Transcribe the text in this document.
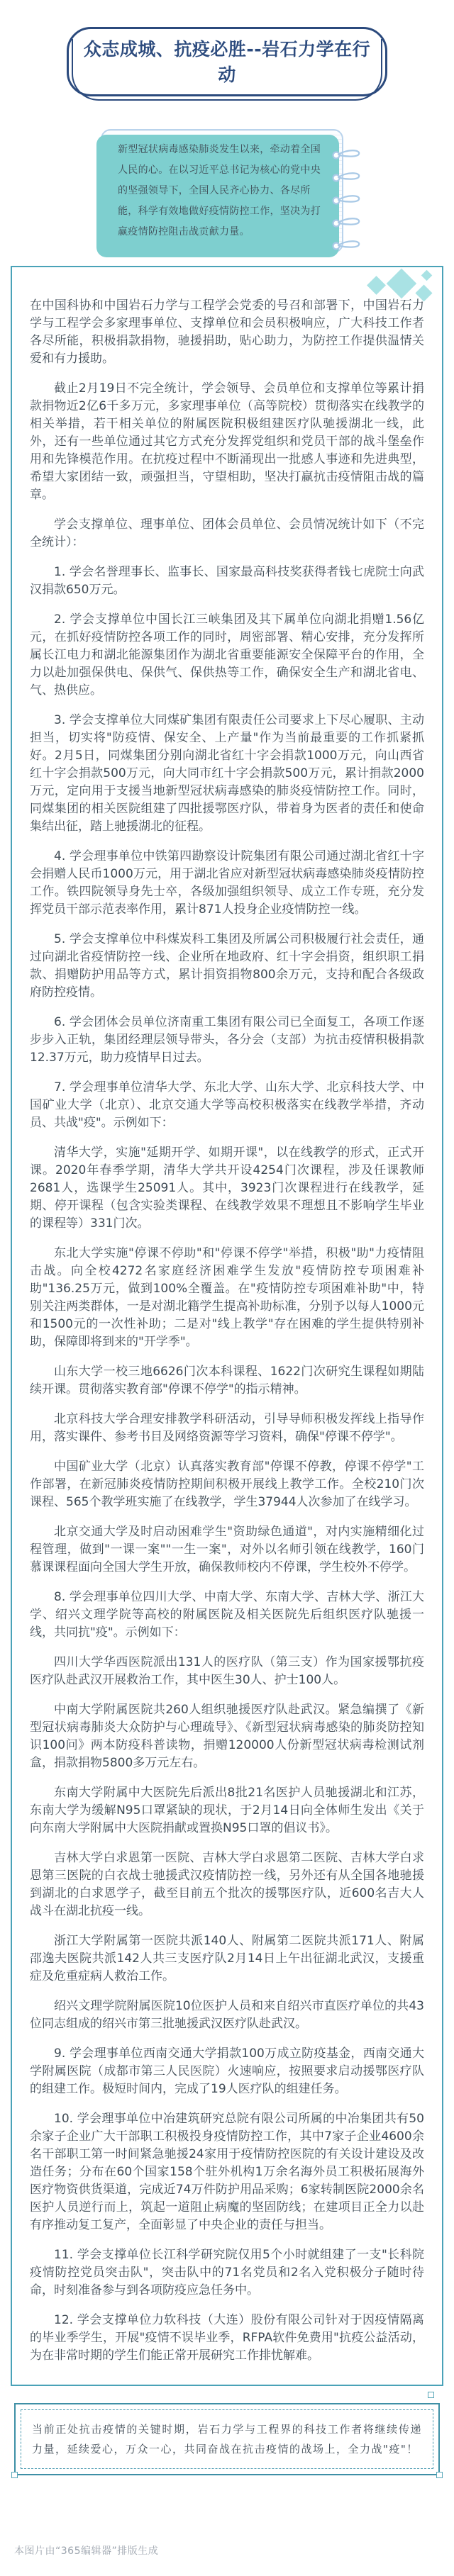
众志成城、抗疫必胜--岩石力学在行动
新型冠状病毒感染肺炎发生以来，牵动着全国人民的心。在以习近平总书记为核心的党中央的坚强领导下，全国人民齐心协力、各尽所能，科学有效地做好疫情防控工作，坚决为打赢疫情防控阻击战贡献力量。

在中国科协和中国岩石力学与工程学会党委的号召和部署下，中国岩石力学与工程学会多家理事单位、支撑单位和会员积极响应，广大科技工作者各尽所能，积极捐款捐物，驰援捐助，贴心助力，为防控工作提供温情关爱和有力援助。

截止2月19日不完全统计，学会领导、会员单位和支撑单位等累计捐款捐物近2亿6千多万元，多家理事单位（高等院校）贯彻落实在线教学的相关举措，若干相关单位的附属医院积极组建医疗队驰援湖北一线，此外，还有一些单位通过其它方式充分发挥党组织和党员干部的战斗堡垒作用和先锋模范作用。在抗疫过程中不断涌现出一批感人事迹和先进典型，希望大家团结一致，顽强担当，守望相助，坚决打赢抗击疫情阻击战的篇章。

学会支撑单位、理事单位、团体会员单位、会员情况统计如下（不完全统计）：

1. 学会名誉理事长、监事长、国家最高科技奖获得者钱七虎院士向武汉捐款650万元。

2. 学会支撑单位中国长江三峡集团及其下属单位向湖北捐赠1.56亿元，在抓好疫情防控各项工作的同时，周密部署、精心安排，充分发挥所属长江电力和湖北能源集团作为湖北省重要能源安全保障平台的作用，全力以赴加强保供电、保供气、保供热等工作，确保安全生产和湖北省电、气、热供应。

3. 学会支撑单位大同煤矿集团有限责任公司要求上下尽心履职、主动担当，切实将"防疫情、保安全、上产量"作为当前最重要的工作抓紧抓好。2月5日，同煤集团分别向湖北省红十字会捐款1000万元，向山西省红十字会捐款500万元，向大同市红十字会捐款500万元，累计捐款2000万元，定向用于支援当地新型冠状病毒感染的肺炎疫情防控工作。同时，同煤集团的相关医院组建了四批援鄂医疗队，带着身为医者的责任和使命集结出征，踏上驰援湖北的征程。

4. 学会理事单位中铁第四勘察设计院集团有限公司通过湖北省红十字会捐赠人民币1000万元，用于湖北省应对新型冠状病毒感染肺炎疫情防控工作。铁四院领导身先士卒，各级加强组织领导、成立工作专班，充分发挥党员干部示范表率作用，累计871人投身企业疫情防控一线。

5. 学会支撑单位中科煤炭科工集团及所属公司积极履行社会责任，通过向湖北省疫情防控一线、企业所在地政府、红十字会捐资，组织职工捐款、捐赠防护用品等方式，累计捐资捐物800余万元，支持和配合各级政府防控疫情。

6. 学会团体会员单位济南重工集团有限公司已全面复工，各项工作逐步步入正轨，集团经理层领导带头，各分会（支部）为抗击疫情积极捐款12.37万元，助力疫情早日过去。

7. 学会理事单位清华大学、东北大学、山东大学、北京科技大学、中国矿业大学（北京）、北京交通大学等高校积极落实在线教学举措，齐动员、共战"疫"。示例如下：

清华大学，实施"延期开学、如期开课"，以在线教学的形式，正式开课。2020年春季学期，清华大学共开设4254门次课程，涉及任课教师2681人，选课学生25091人。其中，3923门次课程进行在线教学，延期、停开课程（包含实验类课程、在线教学效果不理想且不影响学生毕业的课程等）331门次。

东北大学实施"停课不停助"和"停课不停学"举措，积极"助"力疫情阻击战。向全校4272名家庭经济困难学生发放"疫情防控专项困难补助"136.25万元，做到100%全覆盖。在"疫情防控专项困难补助"中，特别关注两类群体，一是对湖北籍学生提高补助标准，分别予以每人1000元和1500元的一次性补助；二是对"线上教学"存在困难的学生提供特别补助，保障即将到来的"开学季"。

山东大学一校三地6626门次本科课程、1622门次研究生课程如期陆续开课。贯彻落实教育部"停课不停学"的指示精神。

北京科技大学合理安排教学科研活动，引导导师积极发挥线上指导作用，落实课件、参考书目及网络资源等学习资料，确保"停课不停学"。

中国矿业大学（北京）认真落实教育部"停课不停教，停课不停学"工作部署，在新冠肺炎疫情防控期间积极开展线上教学工作。全校210门次课程、565个教学班实施了在线教学，学生37944人次参加了在线学习。

北京交通大学及时启动困难学生"资助绿色通道"，对内实施精细化过程管理，做到"一课一案""一生一案"，对外以名师引领在线教学，160门慕课课程面向全国大学生开放，确保教师校内不停课，学生校外不停学。

8. 学会理事单位四川大学、中南大学、东南大学、吉林大学、浙江大学、绍兴文理学院等高校的附属医院及相关医院先后组织医疗队驰援一线，共同抗"疫"。示例如下：

四川大学华西医院派出131人的医疗队（第三支）作为国家援鄂抗疫医疗队赴武汉开展救治工作，其中医生30人、护士100人。

中南大学附属医院共260人组织驰援医疗队赴武汉。紧急编撰了《新型冠状病毒肺炎大众防护与心理疏导》、《新型冠状病毒感染的肺炎防控知识100问》两本防疫科普读物，捐赠120000人份新型冠状病毒检测试剂盒，捐款捐物5800多万元左右。

东南大学附属中大医院先后派出8批21名医护人员驰援湖北和江苏，东南大学为缓解N95口罩紧缺的现状，于2月14日向全体师生发出《关于向东南大学附属中大医院捐献或置换N95口罩的倡议书》。

吉林大学白求恩第一医院、吉林大学白求恩第二医院、吉林大学白求恩第三医院的白衣战士驰援武汉疫情防控一线，另外还有从全国各地驰援到湖北的白求恩学子，截至目前五个批次的援鄂医疗队，近600名吉大人战斗在湖北抗疫一线。

浙江大学附属第一医院共派140人、附属第二医院共派171人、附属邵逸夫医院共派142人共三支医疗队2月14日上午出征湖北武汉，支援重症及危重症病人救治工作。

绍兴文理学院附属医院10位医护人员和来自绍兴市直医疗单位的共43位同志组成的绍兴市第三批驰援武汉医疗队赴武汉。

9. 学会理事单位西南交通大学捐款100万成立防疫基金，西南交通大学附属医院（成都市第三人民医院）火速响应，按照要求启动援鄂医疗队的组建工作。极短时间内，完成了19人医疗队的组建任务。

10. 学会理事单位中冶建筑研究总院有限公司所属的中冶集团共有50余家子企业广大干部职工积极投身疫情防控工作，其中7家子企业4600余名干部职工第一时间紧急驰援24家用于疫情防控医院的有关设计建设及改造任务；分布在60个国家158个驻外机构1万余名海外员工积极拓展海外医疗物资供货渠道，完成近74万件防护用品采购；6家转制医院2000余名医护人员逆行而上，筑起一道阻止病魔的坚固防线；在建项目正全力以赴有序推动复工复产，全面彰显了中央企业的责任与担当。

11. 学会支撑单位长江科学研究院仅用5个小时就组建了一支"长科院疫情防控党员突击队"，突击队中的71名党员和2名入党积极分子随时待命，时刻准备参与到各项防疫应急任务中。

12. 学会支撑单位力软科技（大连）股份有限公司针对于因疫情隔离的毕业季学生，开展"疫情不误毕业季，RFPA软件免费用"抗疫公益活动，为在非常时期的学生们能正常开展研究工作排忧解难。

当前正处抗击疫情的关键时期，岩石力学与工程界的科技工作者将继续传递力量，延续爱心，万众一心，共同奋战在抗击疫情的战场上，全力战"疫"！
本图片由“365编辑器”排版生成
